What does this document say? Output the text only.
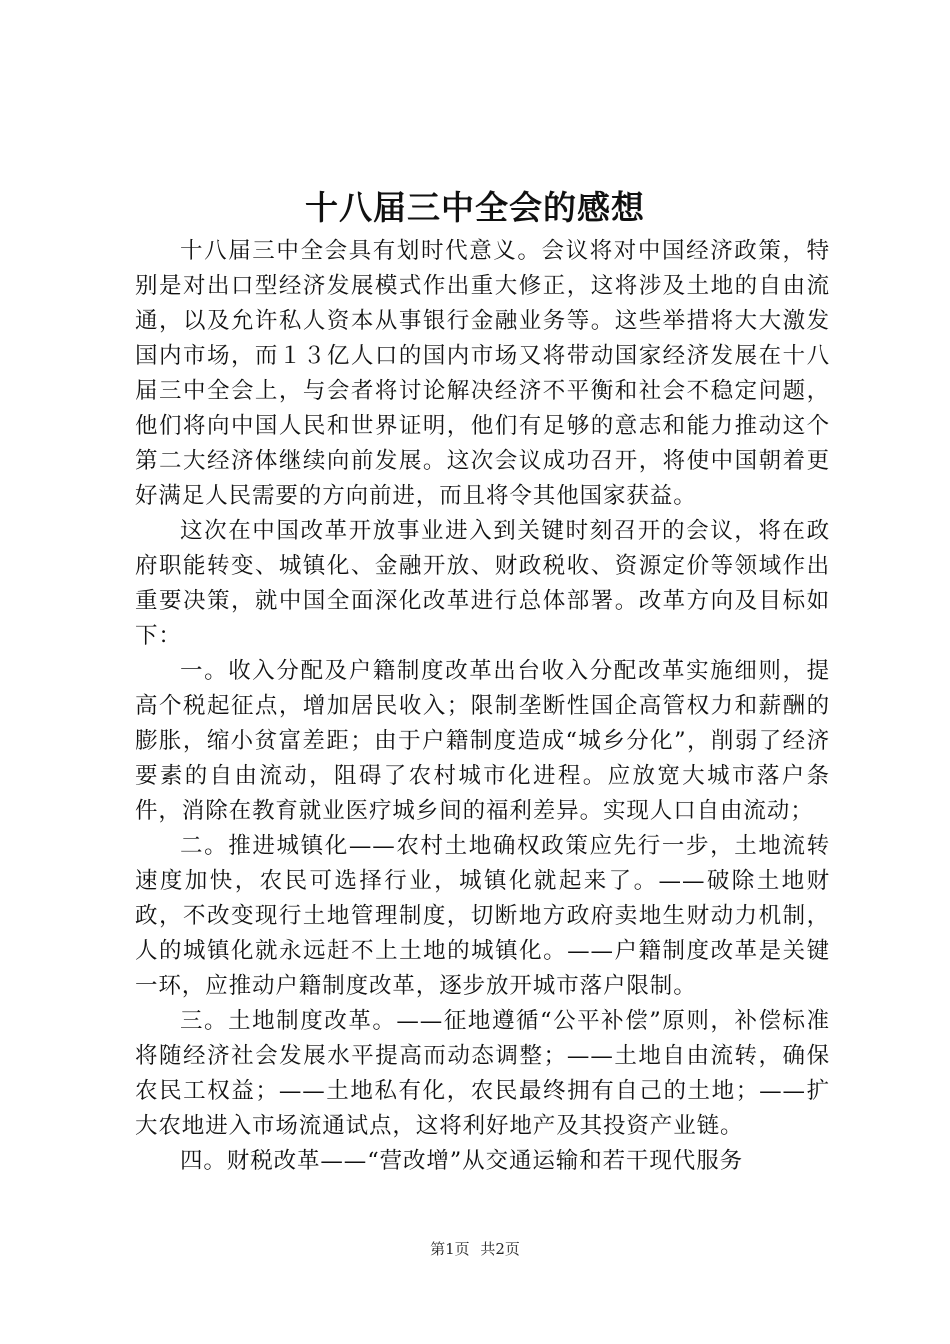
十八届三中全会的感想

十八届三中全会具有划时代意义。会议将对中国经济政策，特别是对出口型经济发展模式作出重大修正，这将涉及土地的自由流通，以及允许私人资本从事银行金融业务等。这些举措将大大激发国内市场，而１３亿人口的国内市场又将带动国家经济发展在十八届三中全会上，与会者将讨论解决经济不平衡和社会不稳定问题，他们将向中国人民和世界证明，他们有足够的意志和能力推动这个第二大经济体继续向前发展。这次会议成功召开，将使中国朝着更好满足人民需要的方向前进，而且将令其他国家获益。

这次在中国改革开放事业进入到关键时刻召开的会议，将在政府职能转变、城镇化、金融开放、财政税收、资源定价等领域作出重要决策，就中国全面深化改革进行总体部署。改革方向及目标如下：

一。收入分配及户籍制度改革出台收入分配改革实施细则，提高个税起征点，增加居民收入；限制垄断性国企高管权力和薪酬的膨胀，缩小贫富差距；由于户籍制度造成“城乡分化”，削弱了经济要素的自由流动，阻碍了农村城市化进程。应放宽大城市落户条件，消除在教育就业医疗城乡间的福利差异。实现人口自由流动；

二。推进城镇化——农村土地确权政策应先行一步，土地流转速度加快，农民可选择行业，城镇化就起来了。——破除土地财政，不改变现行土地管理制度，切断地方政府卖地生财动力机制，人的城镇化就永远赶不上土地的城镇化。——户籍制度改革是关键一环，应推动户籍制度改革，逐步放开城市落户限制。

三。土地制度改革。——征地遵循“公平补偿”原则，补偿标准将随经济社会发展水平提高而动态调整；——土地自由流转，确保农民工权益；——土地私有化，农民最终拥有自己的土地；——扩大农地进入市场流通试点，这将利好地产及其投资产业链。

四。财税改革——“营改增”从交通运输和若干现代服务

第1页 共2页
